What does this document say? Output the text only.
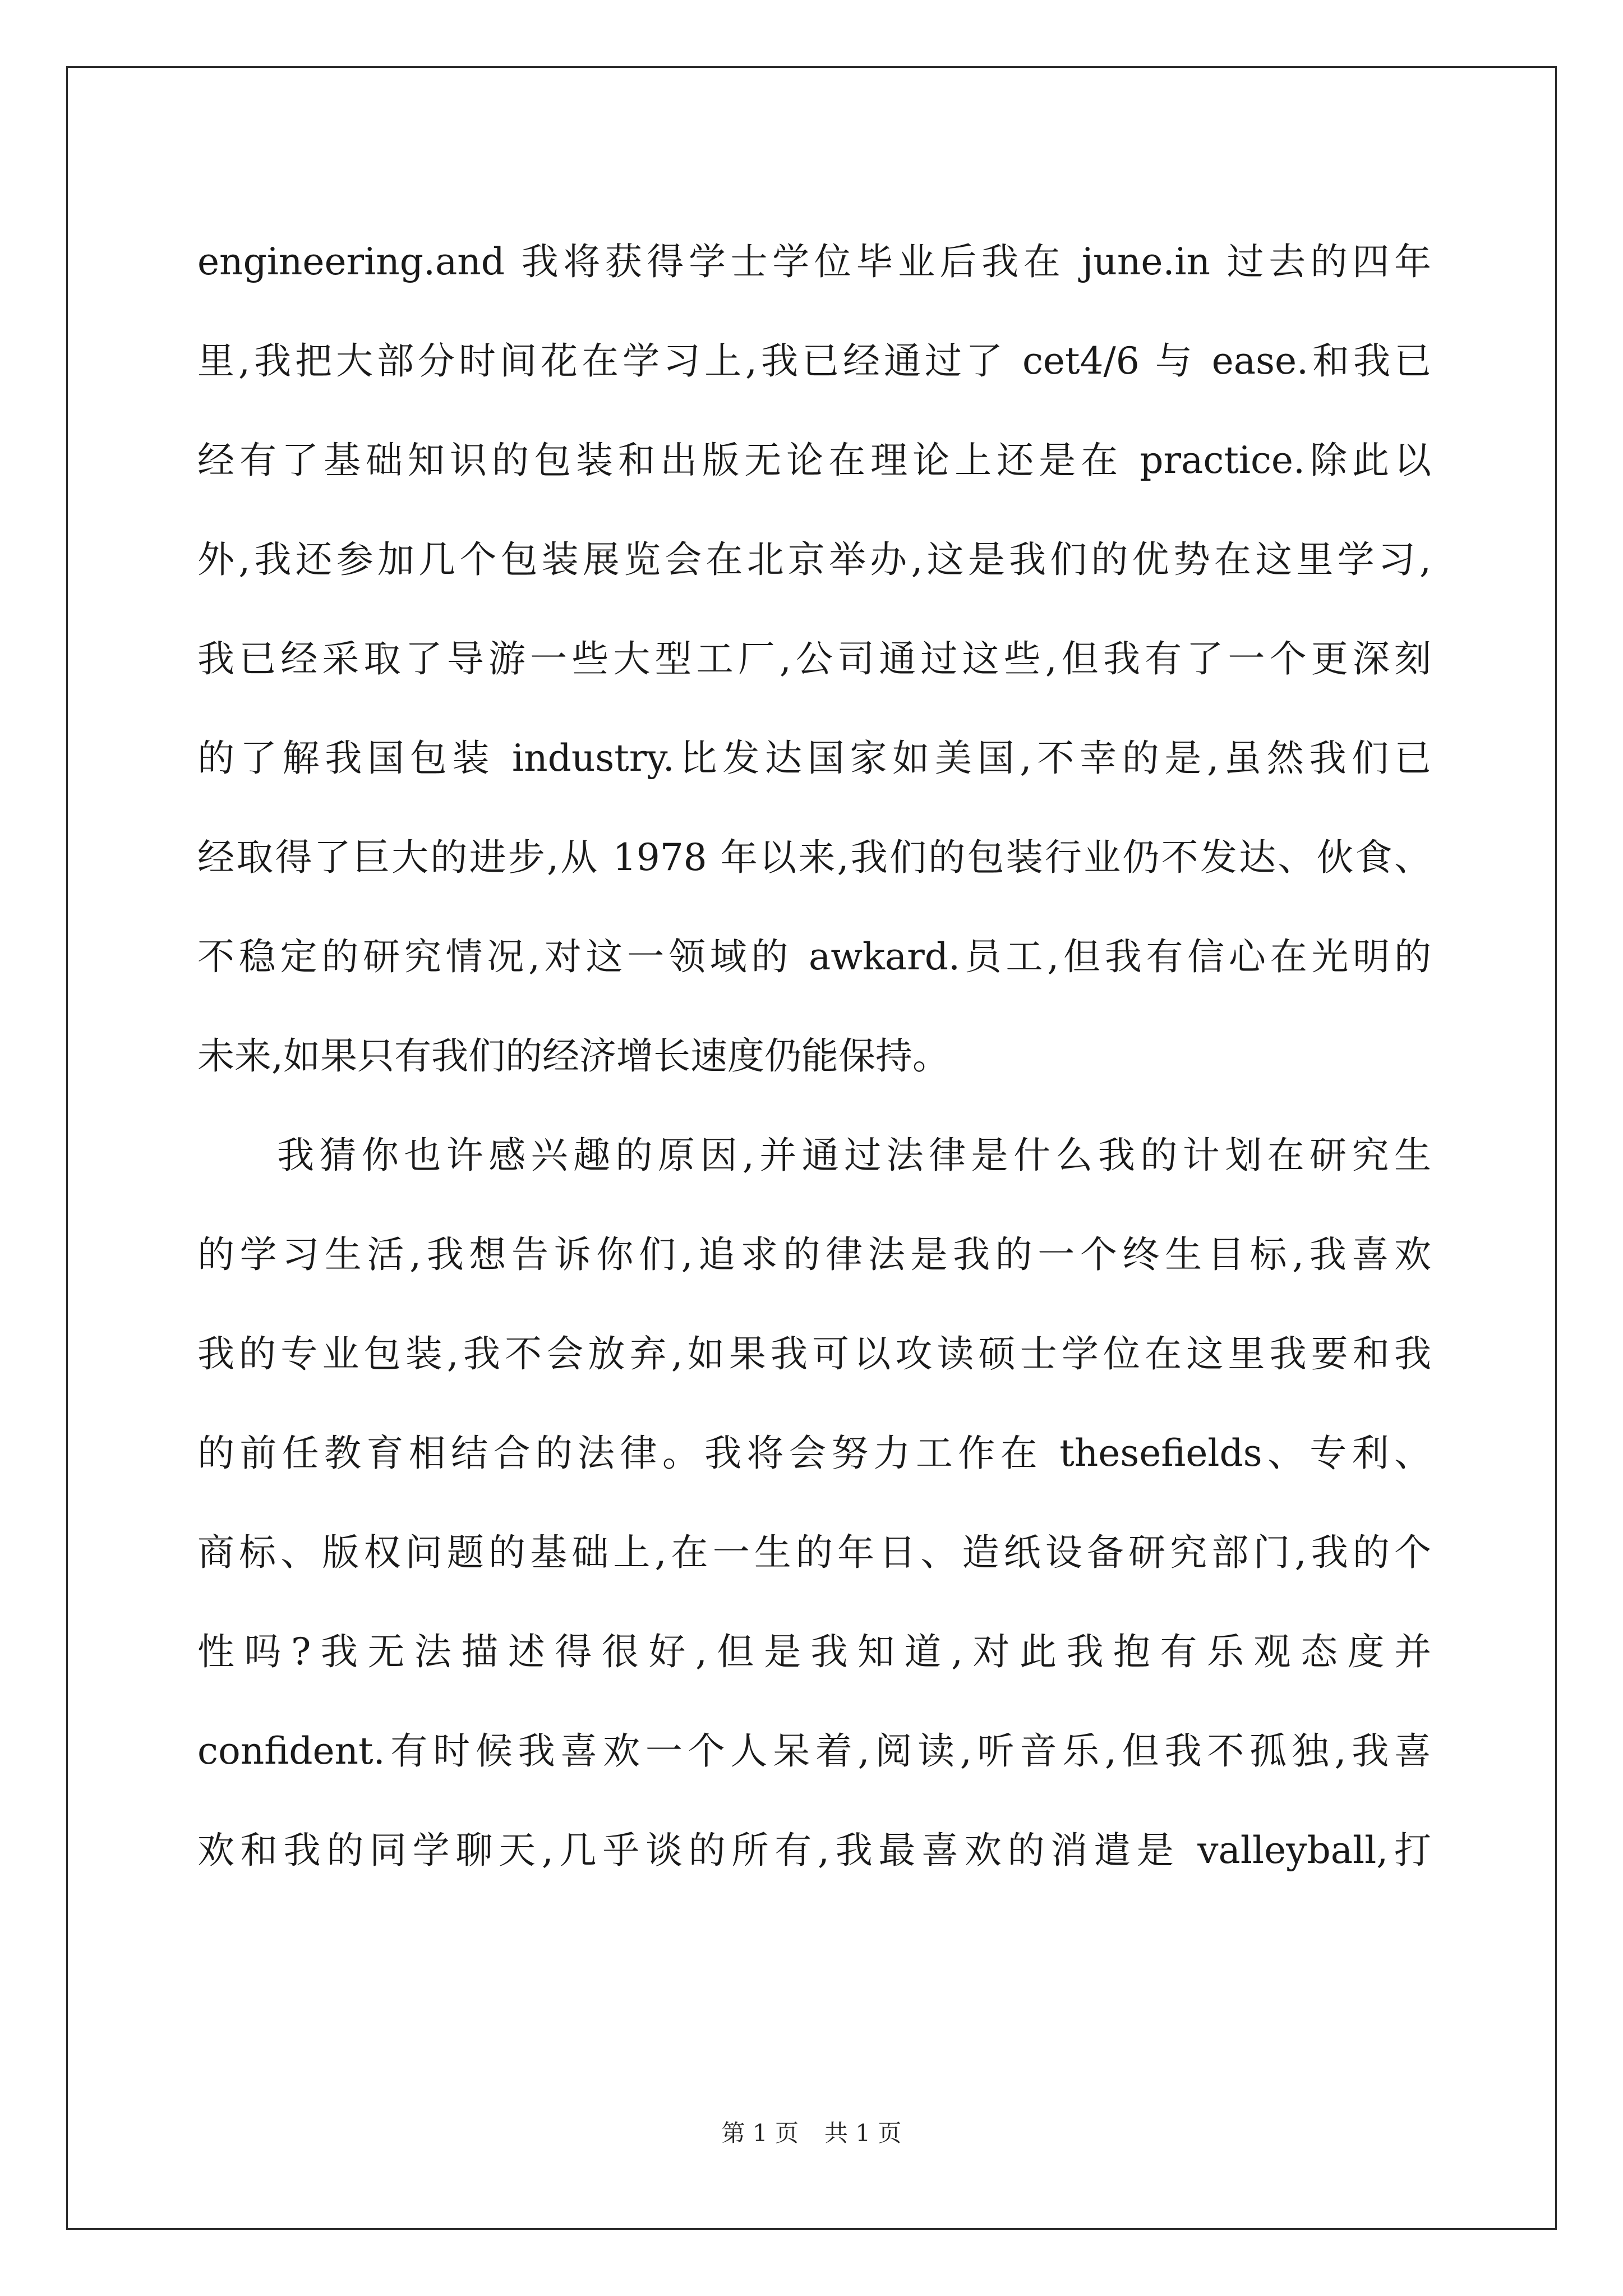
engineering.and 我将获得学士学位毕业后我在 june.in 过去的四年
里,我把大部分时间花在学习上,我已经通过了 cet4/6 与 ease.和我已
经有了基础知识的包装和出版无论在理论上还是在 practice.除此以
外,我还参加几个包装展览会在北京举办,这是我们的优势在这里学习,
我已经采取了导游一些大型工厂,公司通过这些,但我有了一个更深刻
的了解我国包装 industry.比发达国家如美国,不幸的是,虽然我们已
经取得了巨大的进步,从 1978 年以来,我们的包装行业仍不发达、伙食、
不稳定的研究情况,对这一领域的 awkard.员工,但我有信心在光明的
未来,如果只有我们的经济增长速度仍能保持。
我猜你也许感兴趣的原因,并通过法律是什么我的计划在研究生
的学习生活,我想告诉你们,追求的律法是我的一个终生目标,我喜欢
我的专业包装,我不会放弃,如果我可以攻读硕士学位在这里我要和我
的前任教育相结合的法律。我将会努力工作在 thesefields、专利、
商标、版权问题的基础上,在一生的年日、造纸设备研究部门,我的个
性吗?我无法描述得很好,但是我知道,对此我抱有乐观态度并
confident.有时候我喜欢一个人呆着,阅读,听音乐,但我不孤独,我喜
欢和我的同学聊天,几乎谈的所有,我最喜欢的消遣是 valleyball,打
第 1 页 共 1 页
